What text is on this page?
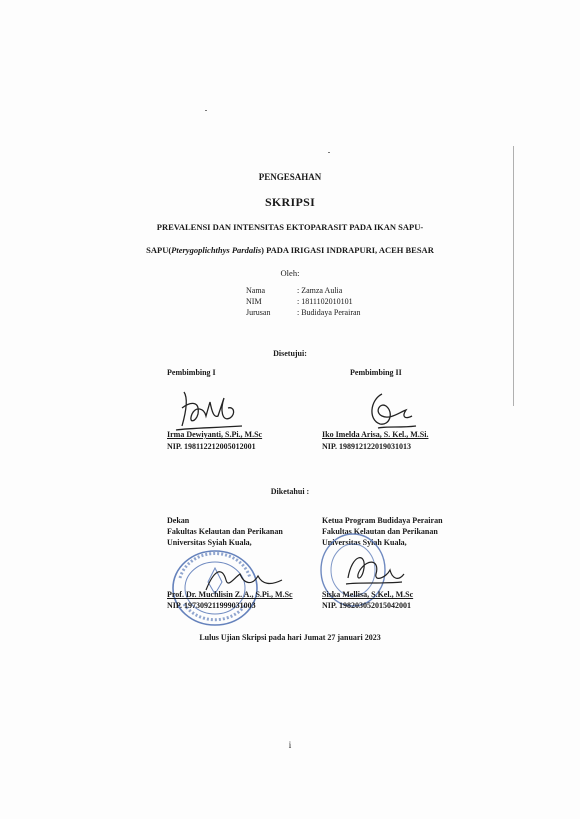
PENGESAHAN
SKRIPSI
PREVALENSI DAN INTENSITAS EKTOPARASIT PADA IKAN SAPU-
SAPU(Pterygoplichthys Pardalis) PADA IRIGASI INDRAPURI, ACEH BESAR
Oleh:
Nama	: Zamza Aulia
NIM	: 1811102010101
Jurusan	: Budidaya Perairan
Disetujui:
Pembimbing I
Irma Dewiyanti, S.Pi., M.Sc
NIP. 198112212005012001
Pembimbing II
Iko Imelda Arisa, S. Kel., M.Si.
NIP. 198912122019031013
Diketahui :
Dekan
Fakultas Kelautan dan Perikanan
Universitas Syiah Kuala,
Prof. Dr. Muchlisin Z. A., S.Pi., M.Sc
NIP. 197309211999031003
Ketua Program Budidaya Perairan
Fakultas Kelautan dan Perikanan
Universitas Syiah Kuala,
Siska Mellisa, S.Kel., M.Sc
NIP. 198203052015042001
Lulus Ujian Skripsi pada hari Jumat 27 januari 2023
i
